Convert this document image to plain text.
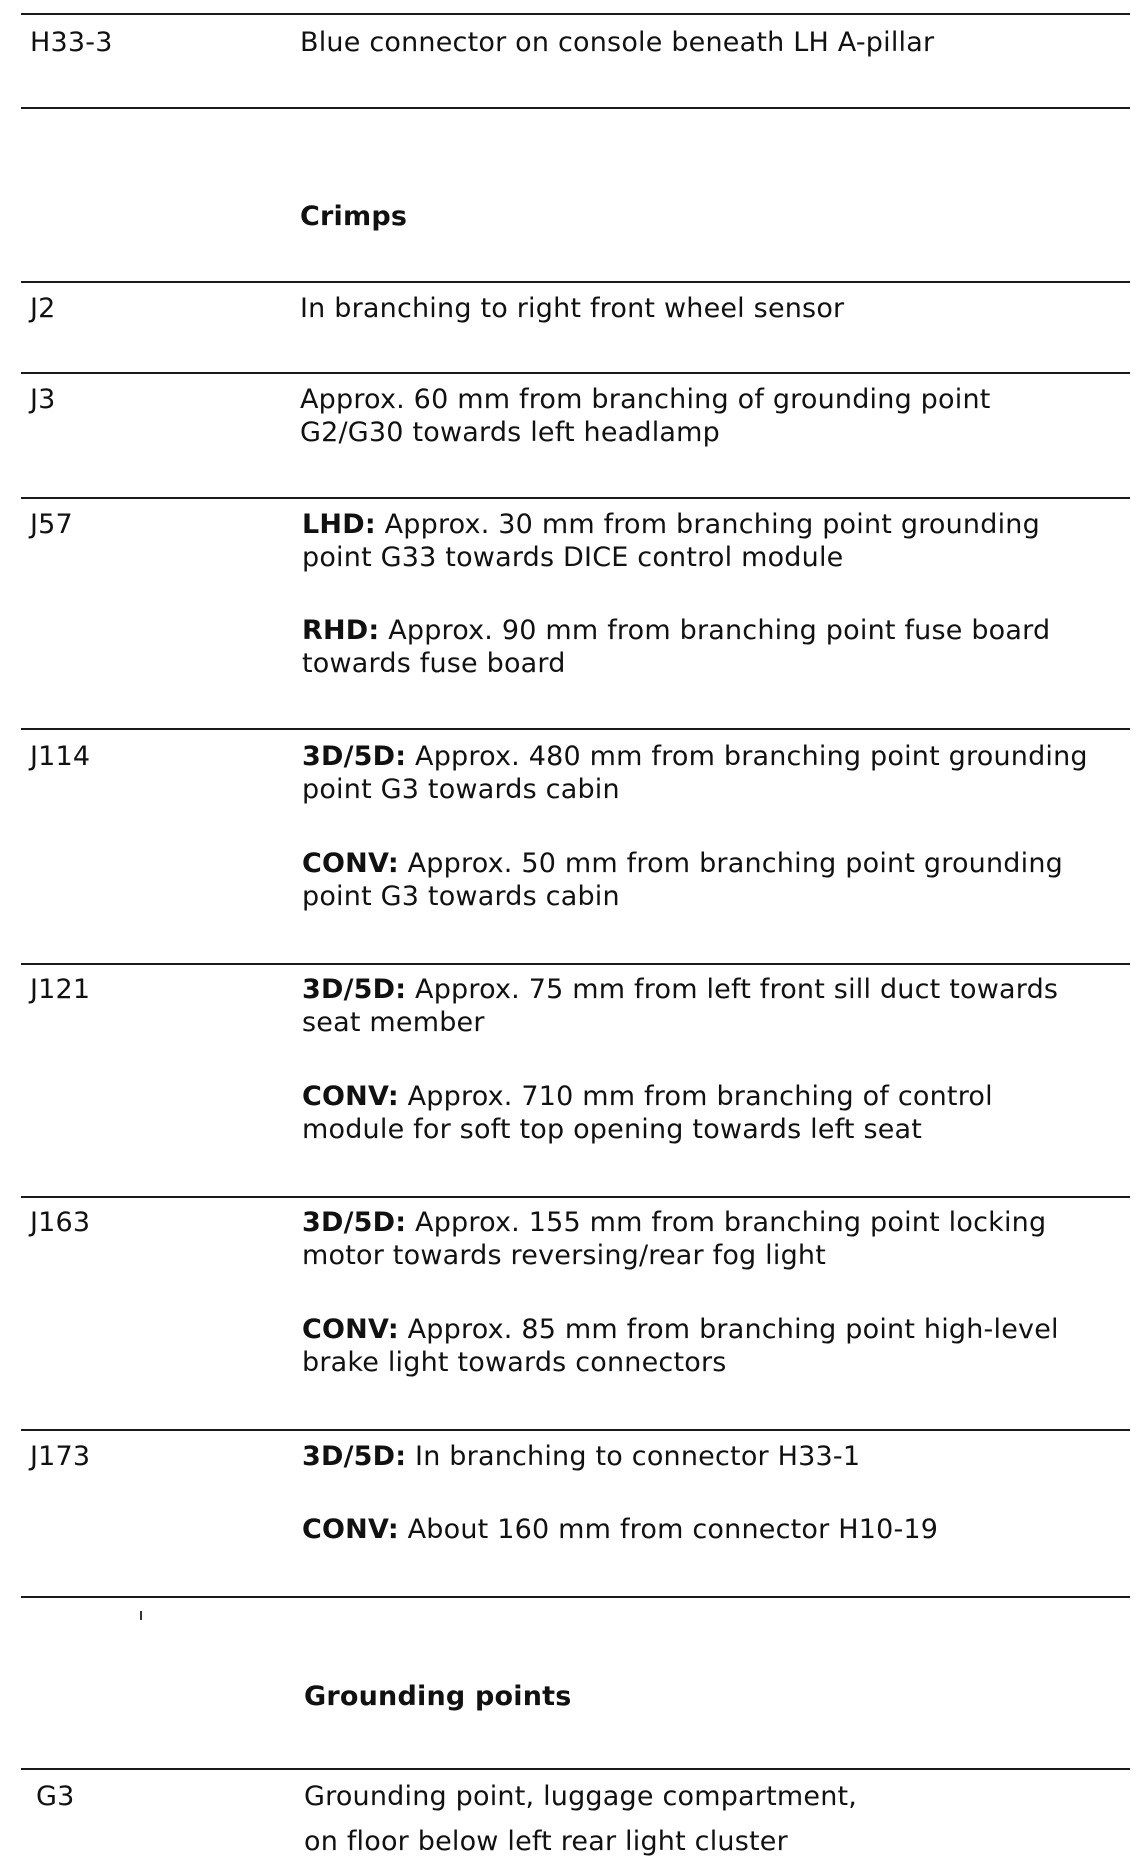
H33-3	Blue connector on console beneath LH A-pillar
Crimps
J2	In branching to right front wheel sensor
J3	Approx. 60 mm from branching of grounding point
G2/G30 towards left headlamp
J57	LHD: Approx. 30 mm from branching point grounding
point G33 towards DICE control module
RHD: Approx. 90 mm from branching point fuse board
towards fuse board
J114	3D/5D: Approx. 480 mm from branching point grounding
point G3 towards cabin
CONV: Approx. 50 mm from branching point grounding
point G3 towards cabin
J121	3D/5D: Approx. 75 mm from left front sill duct towards
seat member
CONV: Approx. 710 mm from branching of control
module for soft top opening towards left seat
J163	3D/5D: Approx. 155 mm from branching point locking
motor towards reversing/rear fog light
CONV: Approx. 85 mm from branching point high-level
brake light towards connectors
J173	3D/5D: In branching to connector H33-1
CONV: About 160 mm from connector H10-19
Grounding points
G3	Grounding point, luggage compartment,
on floor below left rear light cluster
